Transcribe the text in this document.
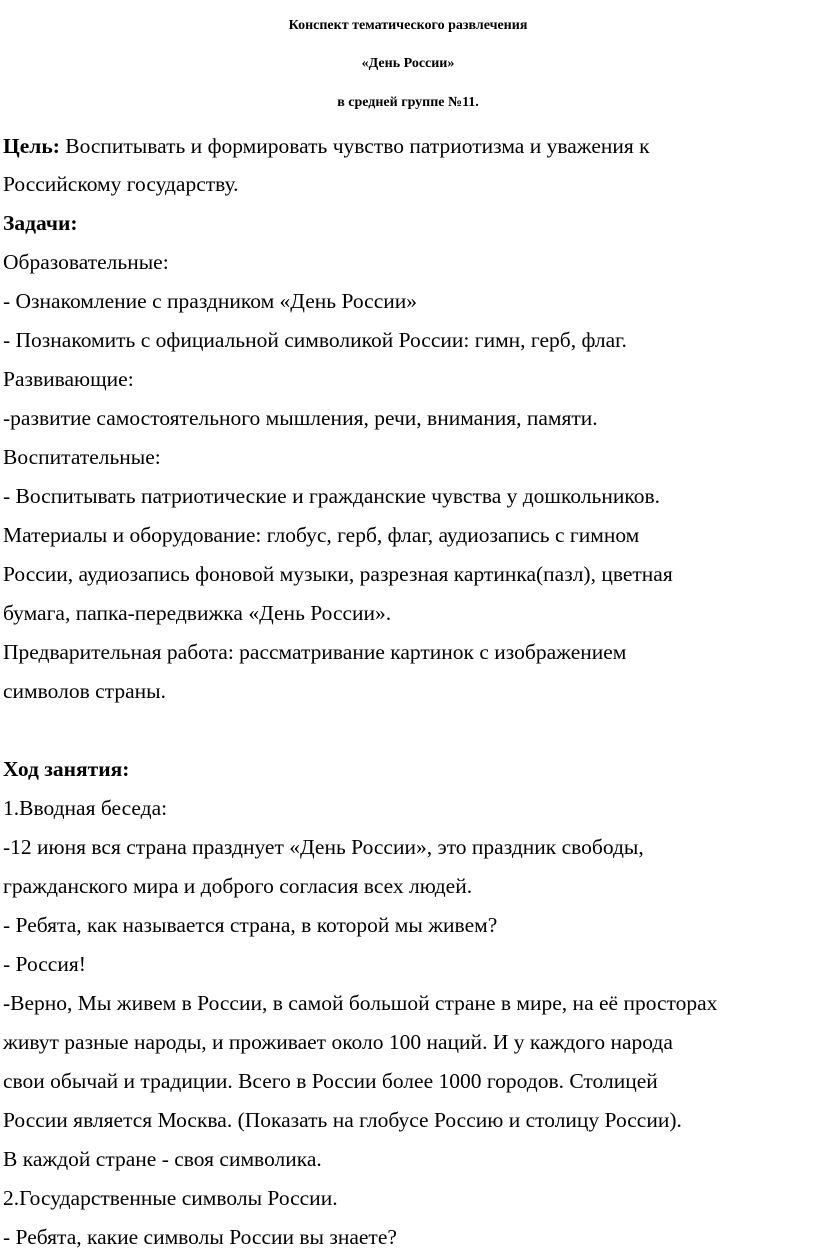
Конспект тематического развлечения
«День России»
в средней группе №11.
Цель: Воспитывать и формировать чувство патриотизма и уважения к
Российскому государству.
Задачи:
Образовательные:
- Ознакомление с праздником «День России»
- Познакомить с официальной символикой России: гимн, герб, флаг.
Развивающие:
-развитие самостоятельного мышления, речи, внимания, памяти.
Воспитательные:
- Воспитывать патриотические и гражданские чувства у дошкольников.
Материалы и оборудование: глобус, герб, флаг, аудиозапись с гимном
России, аудиозапись фоновой музыки, разрезная картинка(пазл), цветная
бумага, папка-передвижка «День России».
Предварительная работа: рассматривание картинок с изображением
символов страны.
Ход занятия:
1.Вводная беседа:
-12 июня вся страна празднует «День России», это праздник свободы,
гражданского мира и доброго согласия всех людей.
- Ребята, как называется страна, в которой мы живем?
- Россия!
-Верно, Мы живем в России, в самой большой стране в мире, на её просторах
живут разные народы, и проживает около 100 наций. И у каждого народа
свои обычай и традиции. Всего в России более 1000 городов. Столицей
России является Москва. (Показать на глобусе Россию и столицу России).
В каждой стране - своя символика.
2.Государственные символы России.
- Ребята, какие символы России вы знаете?
